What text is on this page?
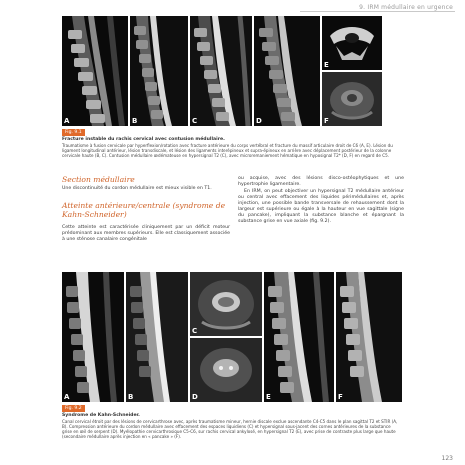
9. IRM médullaire en urgence
A	B	C	D
E
F
Fig. 9.1
Fracture instable du rachis cervical avec contusion médullaire.
Traumatisme à fusion cervicale par hyperflexion/rotation avec fracture antérieure du corps vertébral et fracture du massif articulaire droit de C6 (A, E). Lésion du ligament longitudinal antérieur, lésion transdiscale, et lésion des ligaments interépineux et supra-épineux en arrière avec déplacement postérieur de la colonne cervicale haute (B, C). Contusion médullaire œdémateuse en hypersignal T2 (C), avec microremaniement hématique en hyposignal T2* (D, F) en regard de C5.
Section médullaire
Une discontinuité du cordon médullaire est mieux visible en T1.
Atteinte antérieure/centrale (syndrome de Kahn-Schneider)
Cette atteinte est caractérisée cliniquement par un déficit moteur prédominant aux membres supérieurs. Elle est classiquement associée à une sténose canalaire congénitale
ou acquise, avec des lésions disco-ostéophytiques et une hypertrophie ligamentaire.
En IRM, on peut objectiver un hypersignal T2 médullaire antérieur ou central avec effacement des liquides périmédullaires et, après injection, une possible bande transversale de rehaussement dont la largeur est supérieure ou égale à la hauteur en vue sagittale (signe du pancake), impliquant la substance blanche et épargnant la substance grise en vue axiale (fig. 9.2).
A	B
C
D	E	F
Fig. 9.2
Syndrome de Kahn-Schneider.
Canal cervical étroit par des lésions de cervicarthrose avec, après traumatisme mineur, hernie discale exclue ascendante C4-C5 dans le plan sagittal T2 et STIR (A, B). Compression antérieure du cordon médullaire avec effacement des espaces liquidiens (C) et hypersignal sous-jacent des cornes antérieures de la substance grise en œil de serpent (D). Myélopathie cervicarthrosique C5-C6, sur rachis cervical ankylosé, en hypersignal T2 (E), avec prise de contraste plus large que haute (secondaire médullaire après injection en « pancake » (F).
123
